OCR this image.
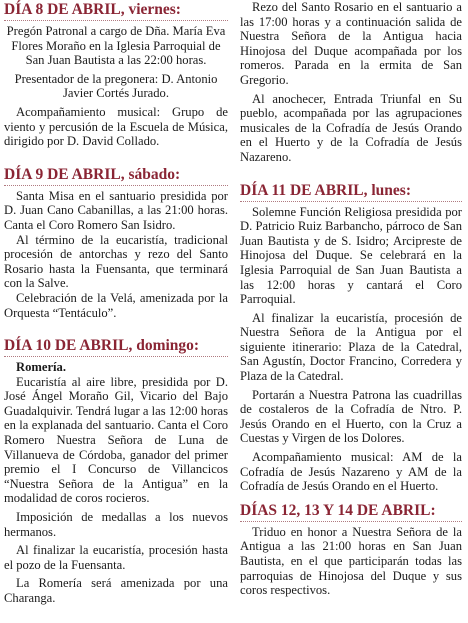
DÍA 8 DE ABRIL, viernes:

Pregón Patronal a cargo de Dña. María Eva Flores Moraño en la Iglesia Parroquial de San Juan Bautista a las 22:00 horas.

Presentador de la pregonera: D. Antonio Javier Cortés Jurado.

Acompañamiento musical: Grupo de viento y percusión de la Escuela de Música, dirigido por D. David Collado.

DÍA 9 DE ABRIL, sábado:

Santa Misa en el santuario presidida por D. Juan Cano Cabanillas, a las 21:00 horas. Canta el Coro Romero San Isidro.

Al término de la eucaristía, tradicional procesión de antorchas y rezo del Santo Rosario hasta la Fuensanta, que terminará con la Salve.

Celebración de la Velá, amenizada por la Orquesta “Tentáculo”.

DÍA 10 DE ABRIL, domingo:

Romería.

Eucaristía al aire libre, presidida por D. José Ángel Moraño Gil, Vicario del Bajo Guadalquivir. Tendrá lugar a las 12:00 horas en la explanada del santuario. Canta el Coro Romero Nuestra Señora de Luna de Villanueva de Córdoba, ganador del primer premio el I Concurso de Villancicos “Nuestra Señora de la Antigua” en la modalidad de coros rocieros.

Imposición de medallas a los nuevos hermanos.

Al finalizar la eucaristía, procesión hasta el pozo de la Fuensanta.

La Romería será amenizada por una Charanga.

Rezo del Santo Rosario en el santuario a las 17:00 horas y a continuación salida de Nuestra Señora de la Antigua hacia Hinojosa del Duque acompañada por los romeros. Parada en la ermita de San Gregorio.

Al anochecer, Entrada Triunfal en Su pueblo, acompañada por las agrupaciones musicales de la Cofradía de Jesús Orando en el Huerto y de la Cofradía de Jesús Nazareno.

DÍA 11 DE ABRIL, lunes:

Solemne Función Religiosa presidida por D. Patricio Ruiz Barbancho, párroco de San Juan Bautista y de S. Isidro; Arcipreste de Hinojosa del Duque. Se celebrará en la Iglesia Parroquial de San Juan Bautista a las 12:00 horas y cantará el Coro Parroquial.

Al finalizar la eucaristía, procesión de Nuestra Señora de la Antigua por el siguiente itinerario: Plaza de la Catedral, San Agustín, Doctor Francino, Corredera y Plaza de la Catedral.

Portarán a Nuestra Patrona las cuadrillas de costaleros de la Cofradía de Ntro. P. Jesús Orando en el Huerto, con la Cruz a Cuestas y Virgen de los Dolores.

Acompañamiento musical: AM de la Cofradía de Jesús Nazareno y AM de la Cofradía de Jesús Orando en el Huerto.

DÍAS 12, 13 Y 14 DE ABRIL:

Triduo en honor a Nuestra Señora de la Antigua a las 21:00 horas en San Juan Bautista, en el que participarán todas las parroquias de Hinojosa del Duque y sus coros respectivos.
